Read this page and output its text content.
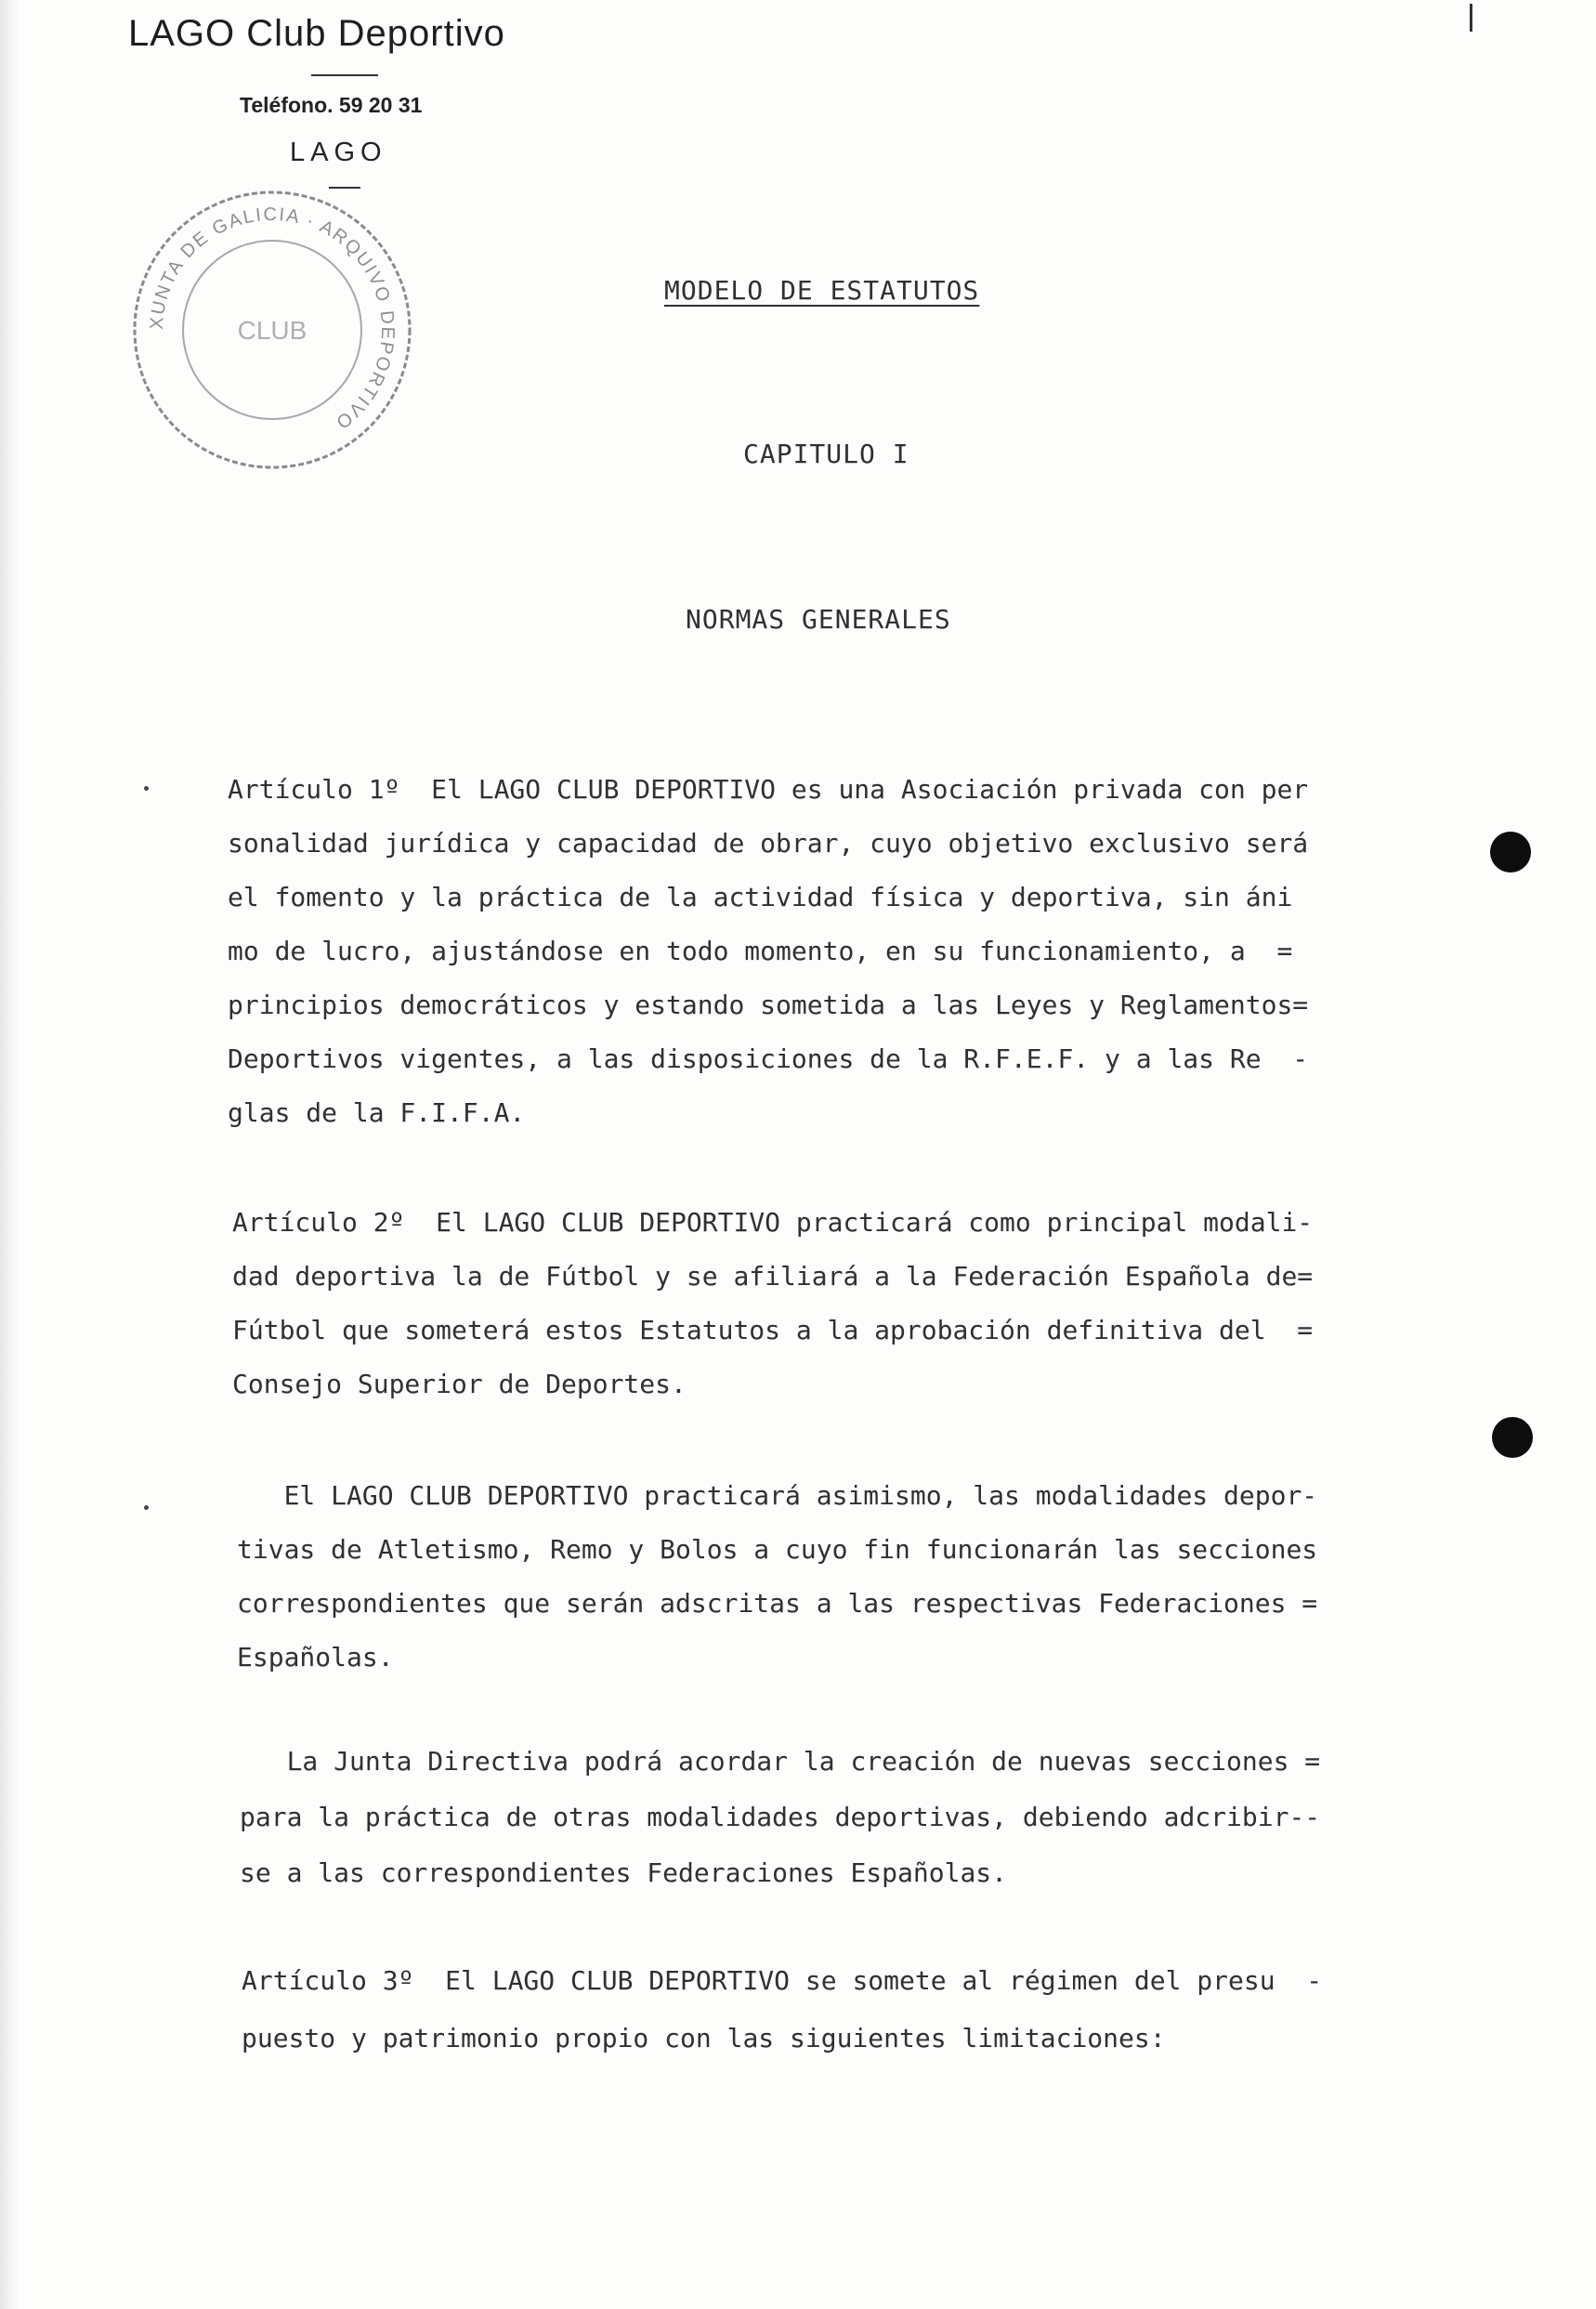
LAGO Club Deportivo
Teléfono. 59 20 31
LAGO
XUNTA DE GALICIA · ARQUIVO DEPORTIVO
CLUB
MODELO DE ESTATUTOS
CAPITULO I
NORMAS GENERALES
Artículo 1º  El LAGO CLUB DEPORTIVO es una Asociación privada con per
sonalidad jurídica y capacidad de obrar, cuyo objetivo exclusivo será
el fomento y la práctica de la actividad física y deportiva, sin áni
mo de lucro, ajustándose en todo momento, en su funcionamiento, a  =
principios democráticos y estando sometida a las Leyes y Reglamentos=
Deportivos vigentes, a las disposiciones de la R.F.E.F. y a las Re  -
glas de la F.I.F.A.
Artículo 2º  El LAGO CLUB DEPORTIVO practicará como principal modali-
dad deportiva la de Fútbol y se afiliará a la Federación Española de=
Fútbol que someterá estos Estatutos a la aprobación definitiva del  =
Consejo Superior de Deportes.
El LAGO CLUB DEPORTIVO practicará asimismo, las modalidades depor-
tivas de Atletismo, Remo y Bolos a cuyo fin funcionarán las secciones
correspondientes que serán adscritas a las respectivas Federaciones =
Españolas.
La Junta Directiva podrá acordar la creación de nuevas secciones =
para la práctica de otras modalidades deportivas, debiendo adcribir--
se a las correspondientes Federaciones Españolas.
Artículo 3º  El LAGO CLUB DEPORTIVO se somete al régimen del presu  -
puesto y patrimonio propio con las siguientes limitaciones:
